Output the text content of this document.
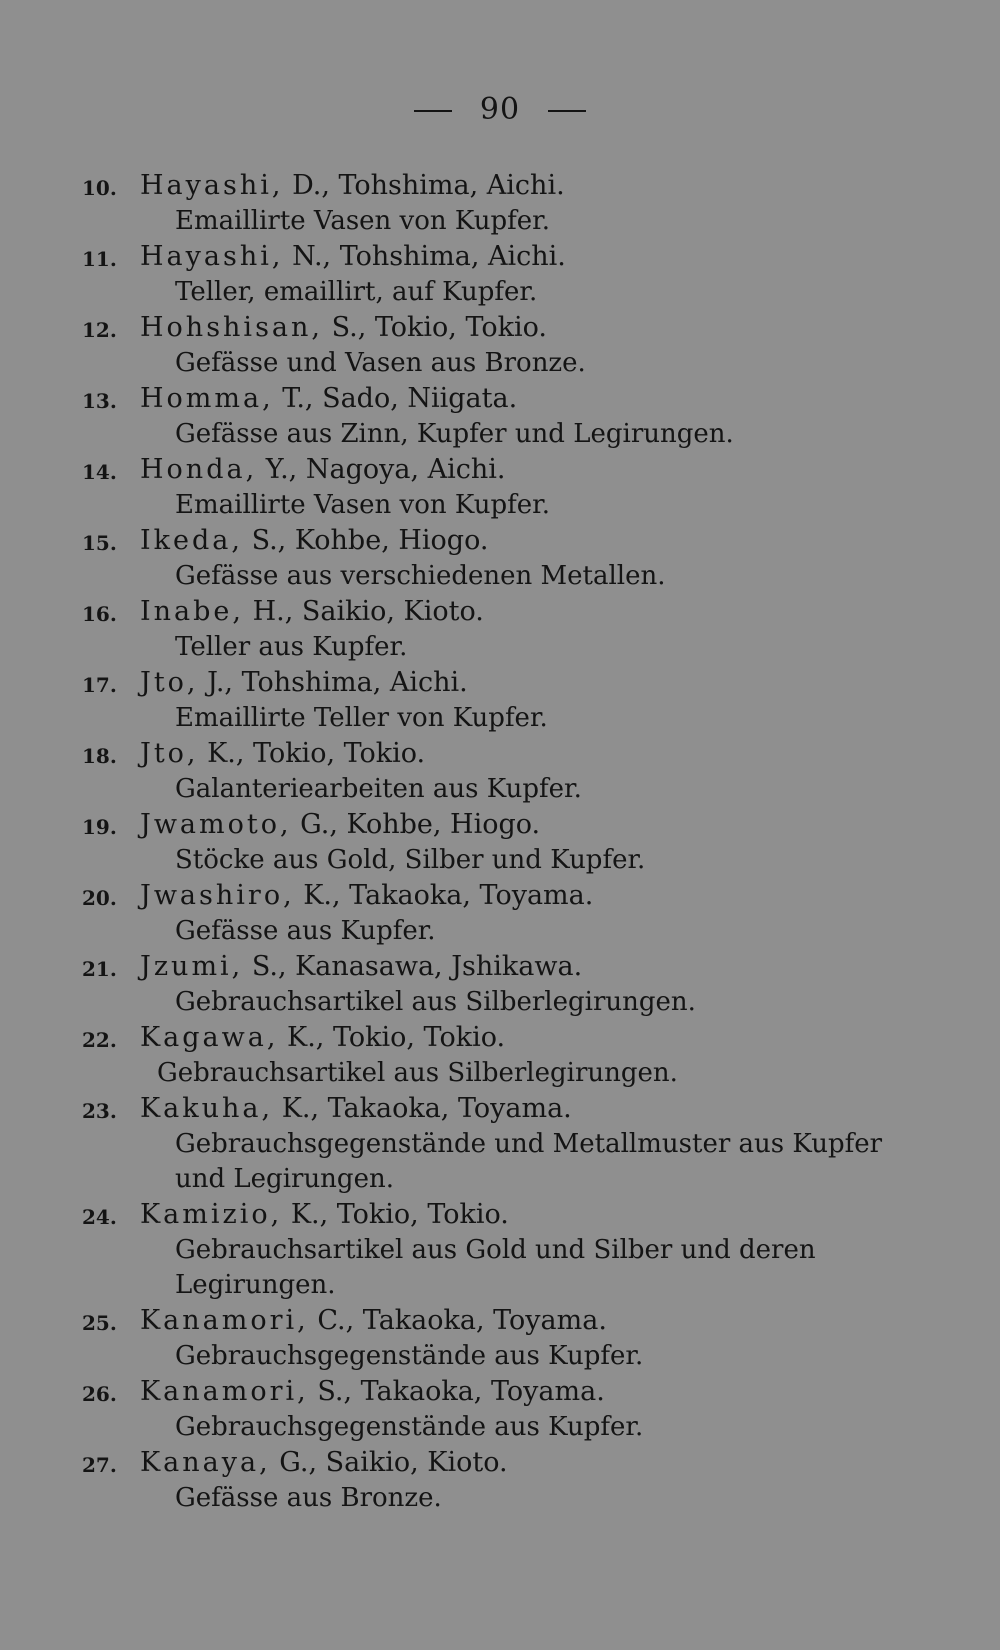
90
10. Hayashi, D., Tohshima, Aichi.
Emaillirte Vasen von Kupfer.
11. Hayashi, N., Tohshima, Aichi.
Teller, emaillirt, auf Kupfer.
12. Hohshisan, S., Tokio, Tokio.
Gefässe und Vasen aus Bronze.
13. Homma, T., Sado, Niigata.
Gefässe aus Zinn, Kupfer und Legirungen.
14. Honda, Y., Nagoya, Aichi.
Emaillirte Vasen von Kupfer.
15. Ikeda, S., Kohbe, Hiogo.
Gefässe aus verschiedenen Metallen.
16. Inabe, H., Saikio, Kioto.
Teller aus Kupfer.
17. Jto, J., Tohshima, Aichi.
Emaillirte Teller von Kupfer.
18. Jto, K., Tokio, Tokio.
Galanteriearbeiten aus Kupfer.
19. Jwamoto, G., Kohbe, Hiogo.
Stöcke aus Gold, Silber und Kupfer.
20. Jwashiro, K., Takaoka, Toyama.
Gefässe aus Kupfer.
21. Jzumi, S., Kanasawa, Jshikawa.
Gebrauchsartikel aus Silberlegirungen.
22. Kagawa, K., Tokio, Tokio.
Gebrauchsartikel aus Silberlegirungen.
23. Kakuha, K., Takaoka, Toyama.
Gebrauchsgegenstände und Metallmuster aus Kupfer und Legirungen.
24. Kamizio, K., Tokio, Tokio.
Gebrauchsartikel aus Gold und Silber und deren Legirungen.
25. Kanamori, C., Takaoka, Toyama.
Gebrauchsgegenstände aus Kupfer.
26. Kanamori, S., Takaoka, Toyama.
Gebrauchsgegenstände aus Kupfer.
27. Kanaya, G., Saikio, Kioto.
Gefässe aus Bronze.
